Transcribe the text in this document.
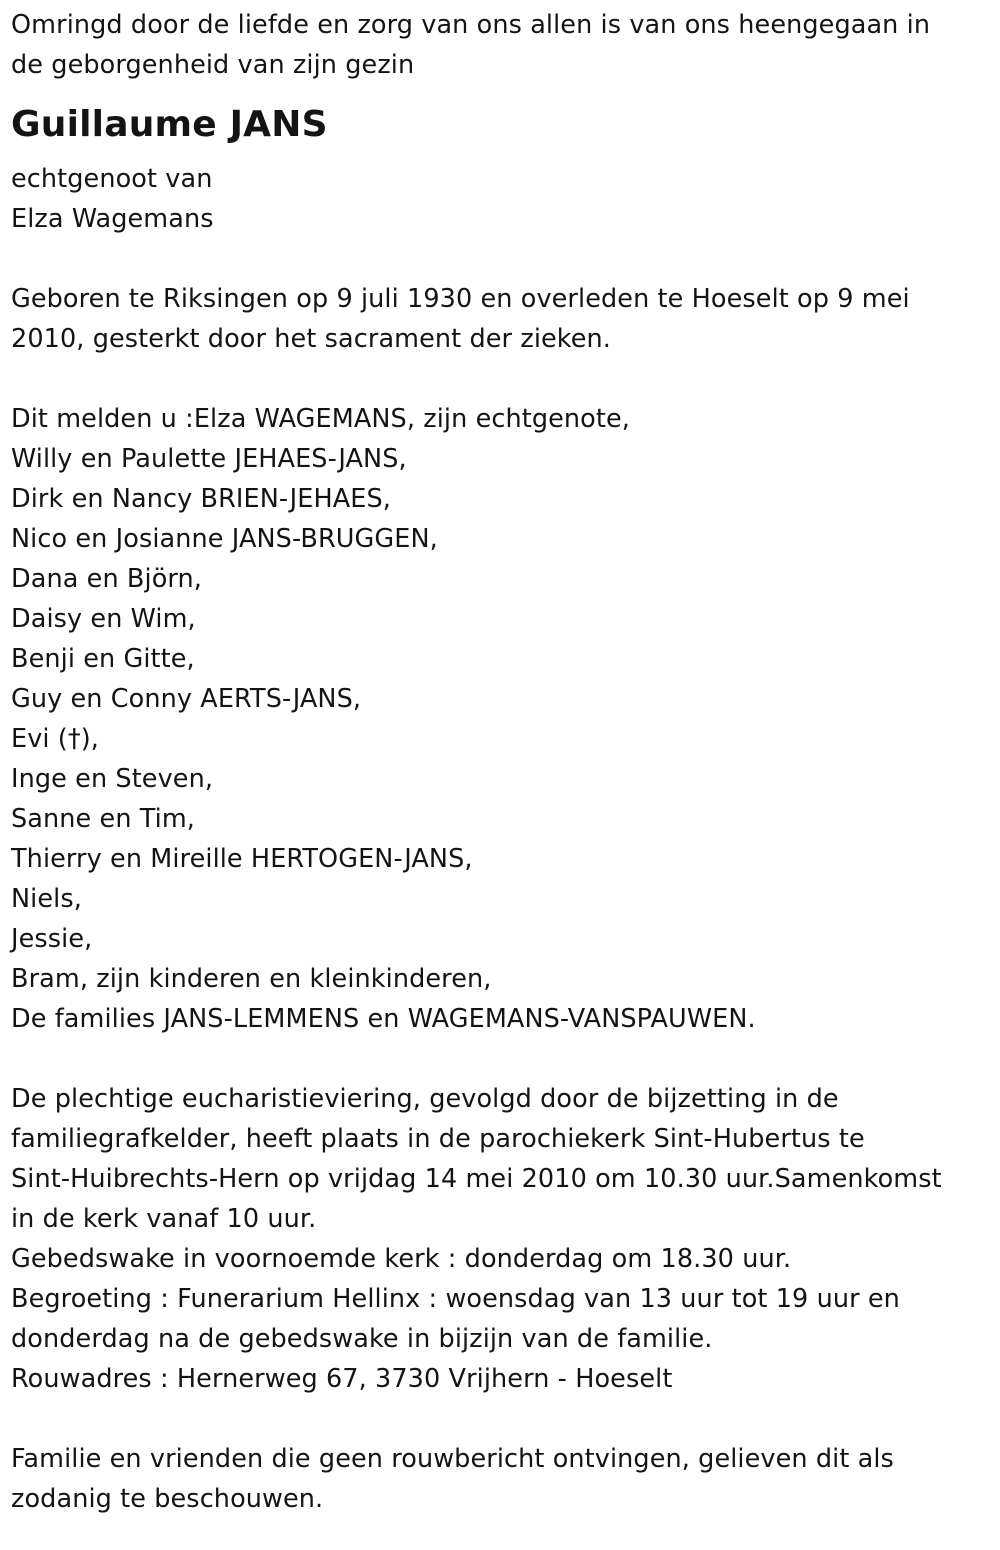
Omringd door de liefde en zorg van ons allen is van ons heengegaan in
de geborgenheid van zijn gezin
Guillaume JANS
echtgenoot van
Elza Wagemans
Geboren te Riksingen op 9 juli 1930 en overleden te Hoeselt op 9 mei
2010, gesterkt door het sacrament der zieken.
Dit melden u :Elza WAGEMANS, zijn echtgenote,
Willy en Paulette JEHAES-JANS,
Dirk en Nancy BRIEN-JEHAES,
Nico en Josianne JANS-BRUGGEN,
Dana en Björn,
Daisy en Wim,
Benji en Gitte,
Guy en Conny AERTS-JANS,
Evi (†),
Inge en Steven,
Sanne en Tim,
Thierry en Mireille HERTOGEN-JANS,
Niels,
Jessie,
Bram, zijn kinderen en kleinkinderen,
De families JANS-LEMMENS en WAGEMANS-VANSPAUWEN.
De plechtige eucharistieviering, gevolgd door de bijzetting in de
familiegrafkelder, heeft plaats in de parochiekerk Sint-Hubertus te
Sint-Huibrechts-Hern op vrijdag 14 mei 2010 om 10.30 uur.Samenkomst
in de kerk vanaf 10 uur.
Gebedswake in voornoemde kerk : donderdag om 18.30 uur.
Begroeting : Funerarium Hellinx : woensdag van 13 uur tot 19 uur en
donderdag na de gebedswake in bijzijn van de familie.
Rouwadres : Hernerweg 67, 3730 Vrijhern - Hoeselt
Familie en vrienden die geen rouwbericht ontvingen, gelieven dit als
zodanig te beschouwen.
